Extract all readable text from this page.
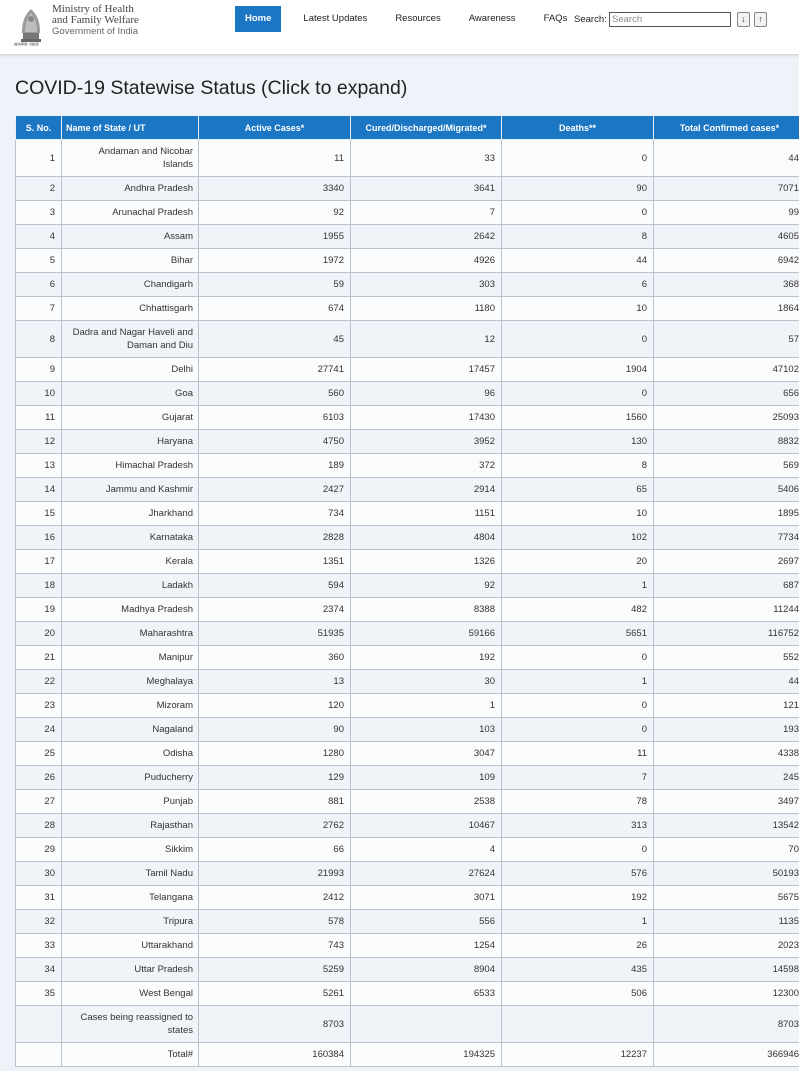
सत्यमेव जयते
Ministry of Health
and Family Welfare
Government of India
Home	Latest Updates	Resources	Awareness	FAQs Search:
Search	↓	↑
COVID-19 Statewise Status (Click to expand)
S. No.	Name of State / UT	Active Cases*	Cured/Discharged/Migrated*	Deaths**	Total Confirmed cases*
1	Andaman and Nicobar Islands	11	33	0	44
2	Andhra Pradesh	3340	3641	90	7071
3	Arunachal Pradesh	92	7	0	99
4	Assam	1955	2642	8	4605
5	Bihar	1972	4926	44	6942
6	Chandigarh	59	303	6	368
7	Chhattisgarh	674	1180	10	1864
8	Dadra and Nagar Haveli and Daman and Diu	45	12	0	57
9	Delhi	27741	17457	1904	47102
10	Goa	560	96	0	656
11	Gujarat	6103	17430	1560	25093
12	Haryana	4750	3952	130	8832
13	Himachal Pradesh	189	372	8	569
14	Jammu and Kashmir	2427	2914	65	5406
15	Jharkhand	734	1151	10	1895
16	Karnataka	2828	4804	102	7734
17	Kerala	1351	1326	20	2697
18	Ladakh	594	92	1	687
19	Madhya Pradesh	2374	8388	482	11244
20	Maharashtra	51935	59166	5651	116752
21	Manipur	360	192	0	552
22	Meghalaya	13	30	1	44
23	Mizoram	120	1	0	121
24	Nagaland	90	103	0	193
25	Odisha	1280	3047	11	4338
26	Puducherry	129	109	7	245
27	Punjab	881	2538	78	3497
28	Rajasthan	2762	10467	313	13542
29	Sikkim	66	4	0	70
30	Tamil Nadu	21993	27624	576	50193
31	Telangana	2412	3071	192	5675
32	Tripura	578	556	1	1135
33	Uttarakhand	743	1254	26	2023
34	Uttar Pradesh	5259	8904	435	14598
35	West Bengal	5261	6533	506	12300
	Cases being reassigned to states	8703			8703
	Total#	160384	194325	12237	366946
